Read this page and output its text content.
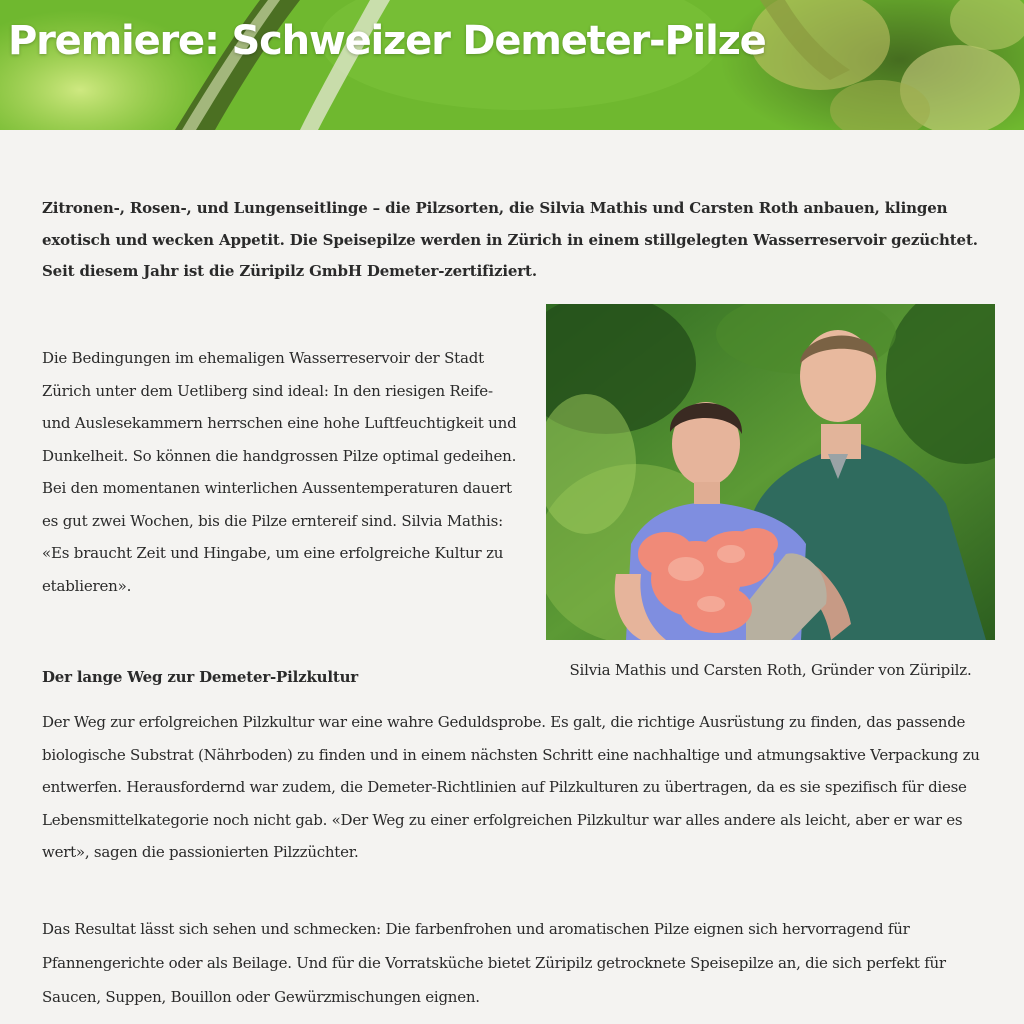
Premiere: Schweizer Demeter-Pilze

Zitronen-, Rosen-, und Lungenseitlinge – die Pilzsorten, die Silvia Mathis und Carsten Roth anbauen, klingen exotisch und wecken Appetit. Die Speisepilze werden in Zürich in einem stillgelegten Wasserreservoir gezüchtet. Seit diesem Jahr ist die Züripilz GmbH Demeter-zertifiziert.

Die Bedingungen im ehemaligen Wasserreservoir der Stadt Zürich unter dem Uetliberg sind ideal: In den riesigen Reife- und Auslesekammern herrschen eine hohe Luftfeuchtigkeit und Dunkelheit. So können die handgrossen Pilze optimal gedeihen. Bei den momentanen winterlichen Aussentemperaturen dauert es gut zwei Wochen, bis die Pilze erntereif sind. Silvia Mathis: «Es braucht Zeit und Hingabe, um eine erfolgreiche Kultur zu etablieren».

Silvia Mathis und Carsten Roth, Gründer von Züripilz.

Der lange Weg zur Demeter-Pilzkultur

Der Weg zur erfolgreichen Pilzkultur war eine wahre Geduldsprobe. Es galt, die richtige Ausrüstung zu finden, das passende biologische Substrat (Nährboden) zu finden und in einem nächsten Schritt eine nachhaltige und atmungsaktive Verpackung zu entwerfen. Herausfordernd war zudem, die Demeter-Richtlinien auf Pilzkulturen zu übertragen, da es sie spezifisch für diese Lebensmittelkategorie noch nicht gab. «Der Weg zu einer erfolgreichen Pilzkultur war alles andere als leicht, aber er war es wert», sagen die passionierten Pilzzüchter.

Das Resultat lässt sich sehen und schmecken: Die farbenfrohen und aromatischen Pilze eignen sich hervorragend für Pfannengerichte oder als Beilage. Und für die Vorratsküche bietet Züripilz getrocknete Speisepilze an, die sich perfekt für Saucen, Suppen, Bouillon oder Gewürzmischungen eignen.
